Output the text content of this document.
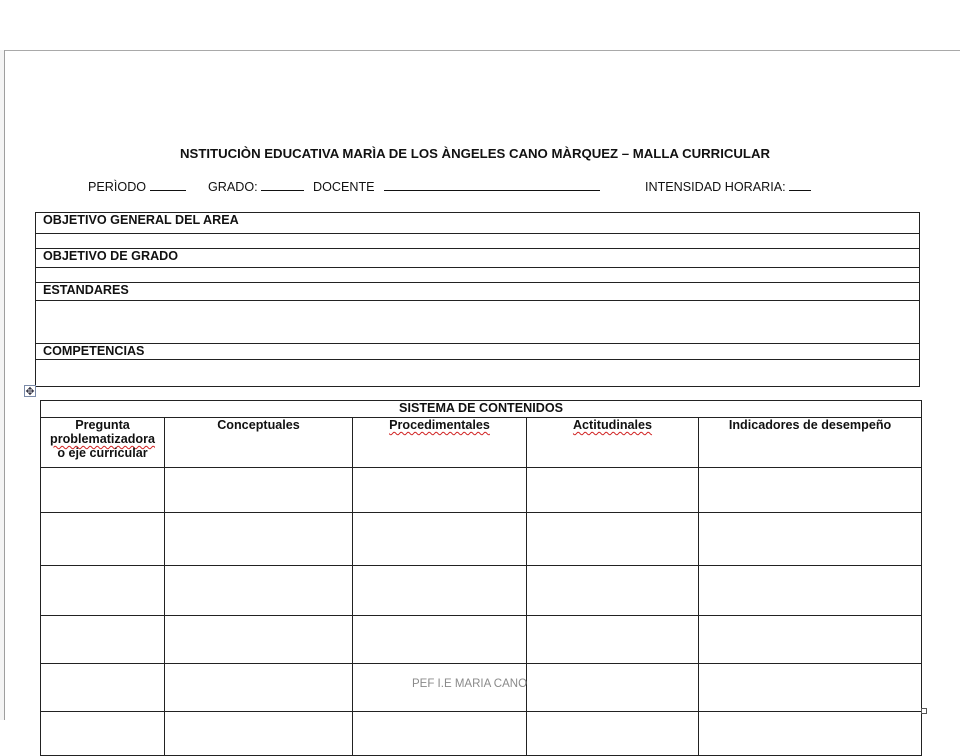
NSTITUCIÒN EDUCATIVA MARÌA DE LOS ÀNGELES CANO MÀRQUEZ – MALLA CURRICULAR
PERÌODO	GRADO:	DOCENTE	INTENSIDAD HORARIA:
OBJETIVO GENERAL DEL AREA

OBJETIVO DE GRADO

ESTANDARES

COMPETENCIAS

✥
SISTEMA DE CONTENIDOS				
Pregunta
problematizadora
o eje curricular	Conceptuales	Procedimentales	Actitudinales	Indicadores de desempeño

PEF I.E MARIA CANO
